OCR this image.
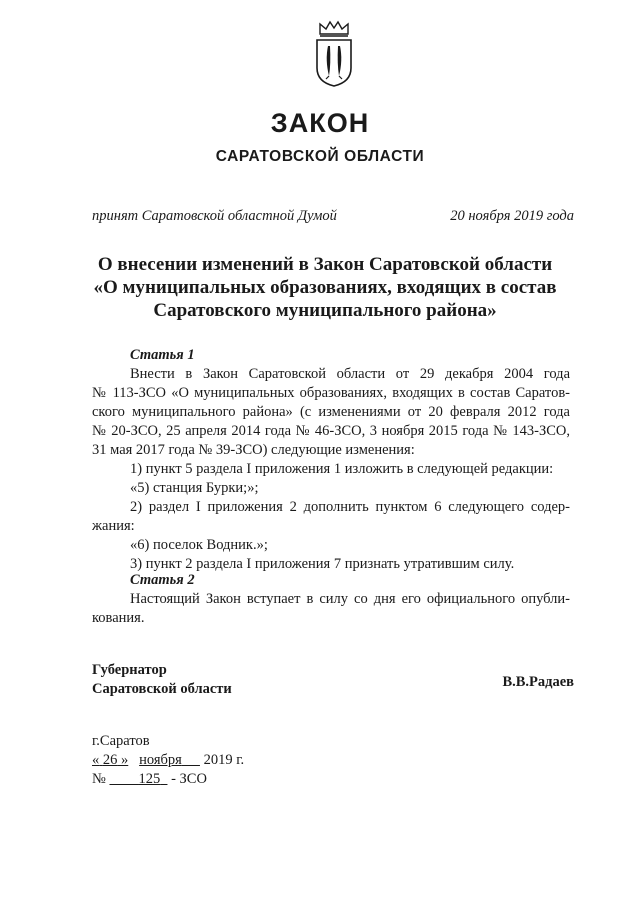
ЗАКОН
САРАТОВСКОЙ ОБЛАСТИ
принят Саратовской областной Думой	20 ноября 2019 года
О внесении изменений в Закон Саратовской области
«О муниципальных образованиях, входящих в состав
Саратовского муниципального района»
Статья 1
Внести в Закон Саратовской области от 29 декабря 2004 года
№ 113-ЗСО «О муниципальных образованиях, входящих в состав Саратов-
ского муниципального района» (с изменениями от 20 февраля 2012 года
№ 20-ЗСО, 25 апреля 2014 года № 46-ЗСО, 3 ноября 2015 года № 143-ЗСО,
31 мая 2017 года № 39-ЗСО) следующие изменения:
1) пункт 5 раздела I приложения 1 изложить в следующей редакции:
«5) станция Бурки;»;
2) раздел I приложения 2 дополнить пунктом 6 следующего содер-
жания:
«6) поселок Водник.»;
3) пункт 2 раздела I приложения 7 признать утратившим силу.
Статья 2
Настоящий Закон вступает в силу со дня его официального опубли-
кования.
Губернатор
Саратовской области	В.В.Радаев
г.Саратов
« 26 » ноября 2019 г.
№ 125 - ЗСО
